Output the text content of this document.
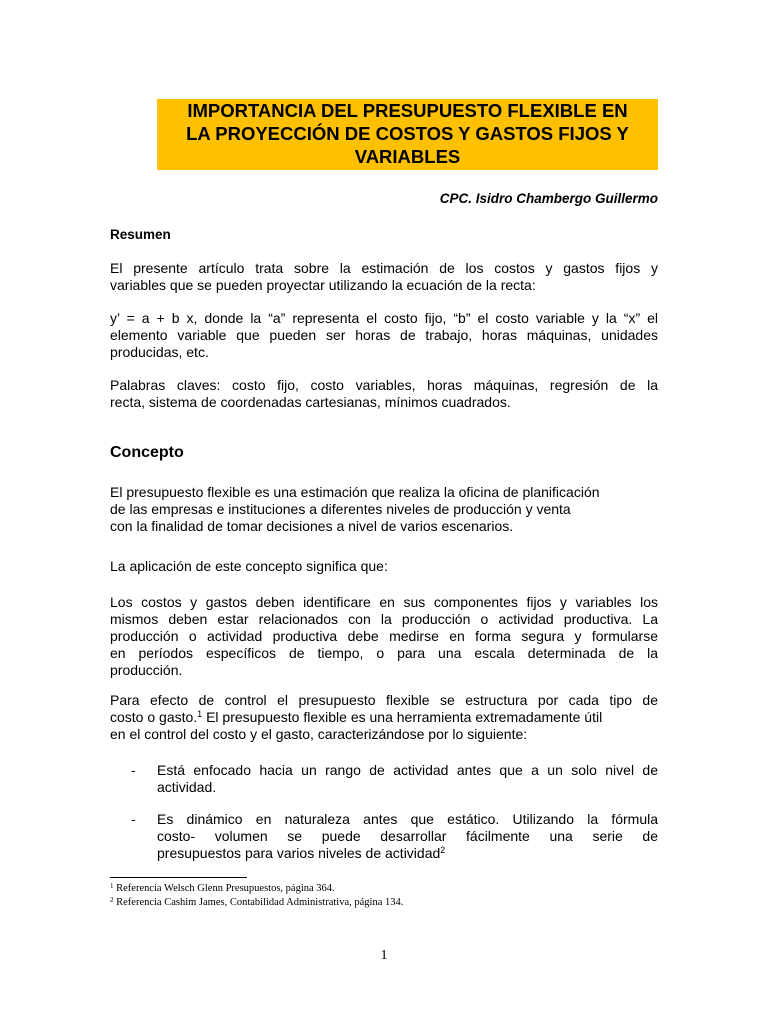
IMPORTANCIA DEL PRESUPUESTO FLEXIBLE EN
LA PROYECCIÓN DE COSTOS Y GASTOS FIJOS Y
VARIABLES
CPC. Isidro Chambergo Guillermo
Resumen
El presente artículo trata sobre la estimación de los costos y gastos fijos y
variables que se pueden proyectar utilizando la ecuación de la recta:
y’ = a + b x, donde la “a” representa el costo fijo, “b” el costo variable y la “x” el
elemento variable que pueden ser horas de trabajo, horas máquinas, unidades
producidas, etc.
Palabras claves: costo fijo, costo variables, horas máquinas, regresión de la
recta, sistema de coordenadas cartesianas, mínimos cuadrados.
Concepto
El presupuesto flexible es una estimación que realiza la oficina de planificación
de las empresas e instituciones a diferentes niveles de producción y venta
con la finalidad de tomar decisiones a nivel de varios escenarios.
La aplicación de este concepto significa que:
Los costos y gastos deben identificare en sus componentes fijos y variables los
mismos deben estar relacionados con la producción o actividad productiva. La
producción o actividad productiva debe medirse en forma segura y formularse
en períodos específicos de tiempo, o para una escala determinada de la
producción.
Para efecto de control el presupuesto flexible se estructura por cada tipo de
costo o gasto.$^1$ El presupuesto flexible es una herramienta extremadamente útil
en el control del costo y el gasto, caracterizándose por lo siguiente:
- Está enfocado hacia un rango de actividad antes que a un solo nivel de
actividad.
- Es dinámico en naturaleza antes que estático. Utilizando la fórmula
costo- volumen se puede desarrollar fácilmente una serie de
presupuestos para varios niveles de actividad$^2$
$^1$ Referencia Welsch Glenn Presupuestos, página 364.
$^2$ Referencia Cashim James, Contabilidad Administrativa, página 134.
1
